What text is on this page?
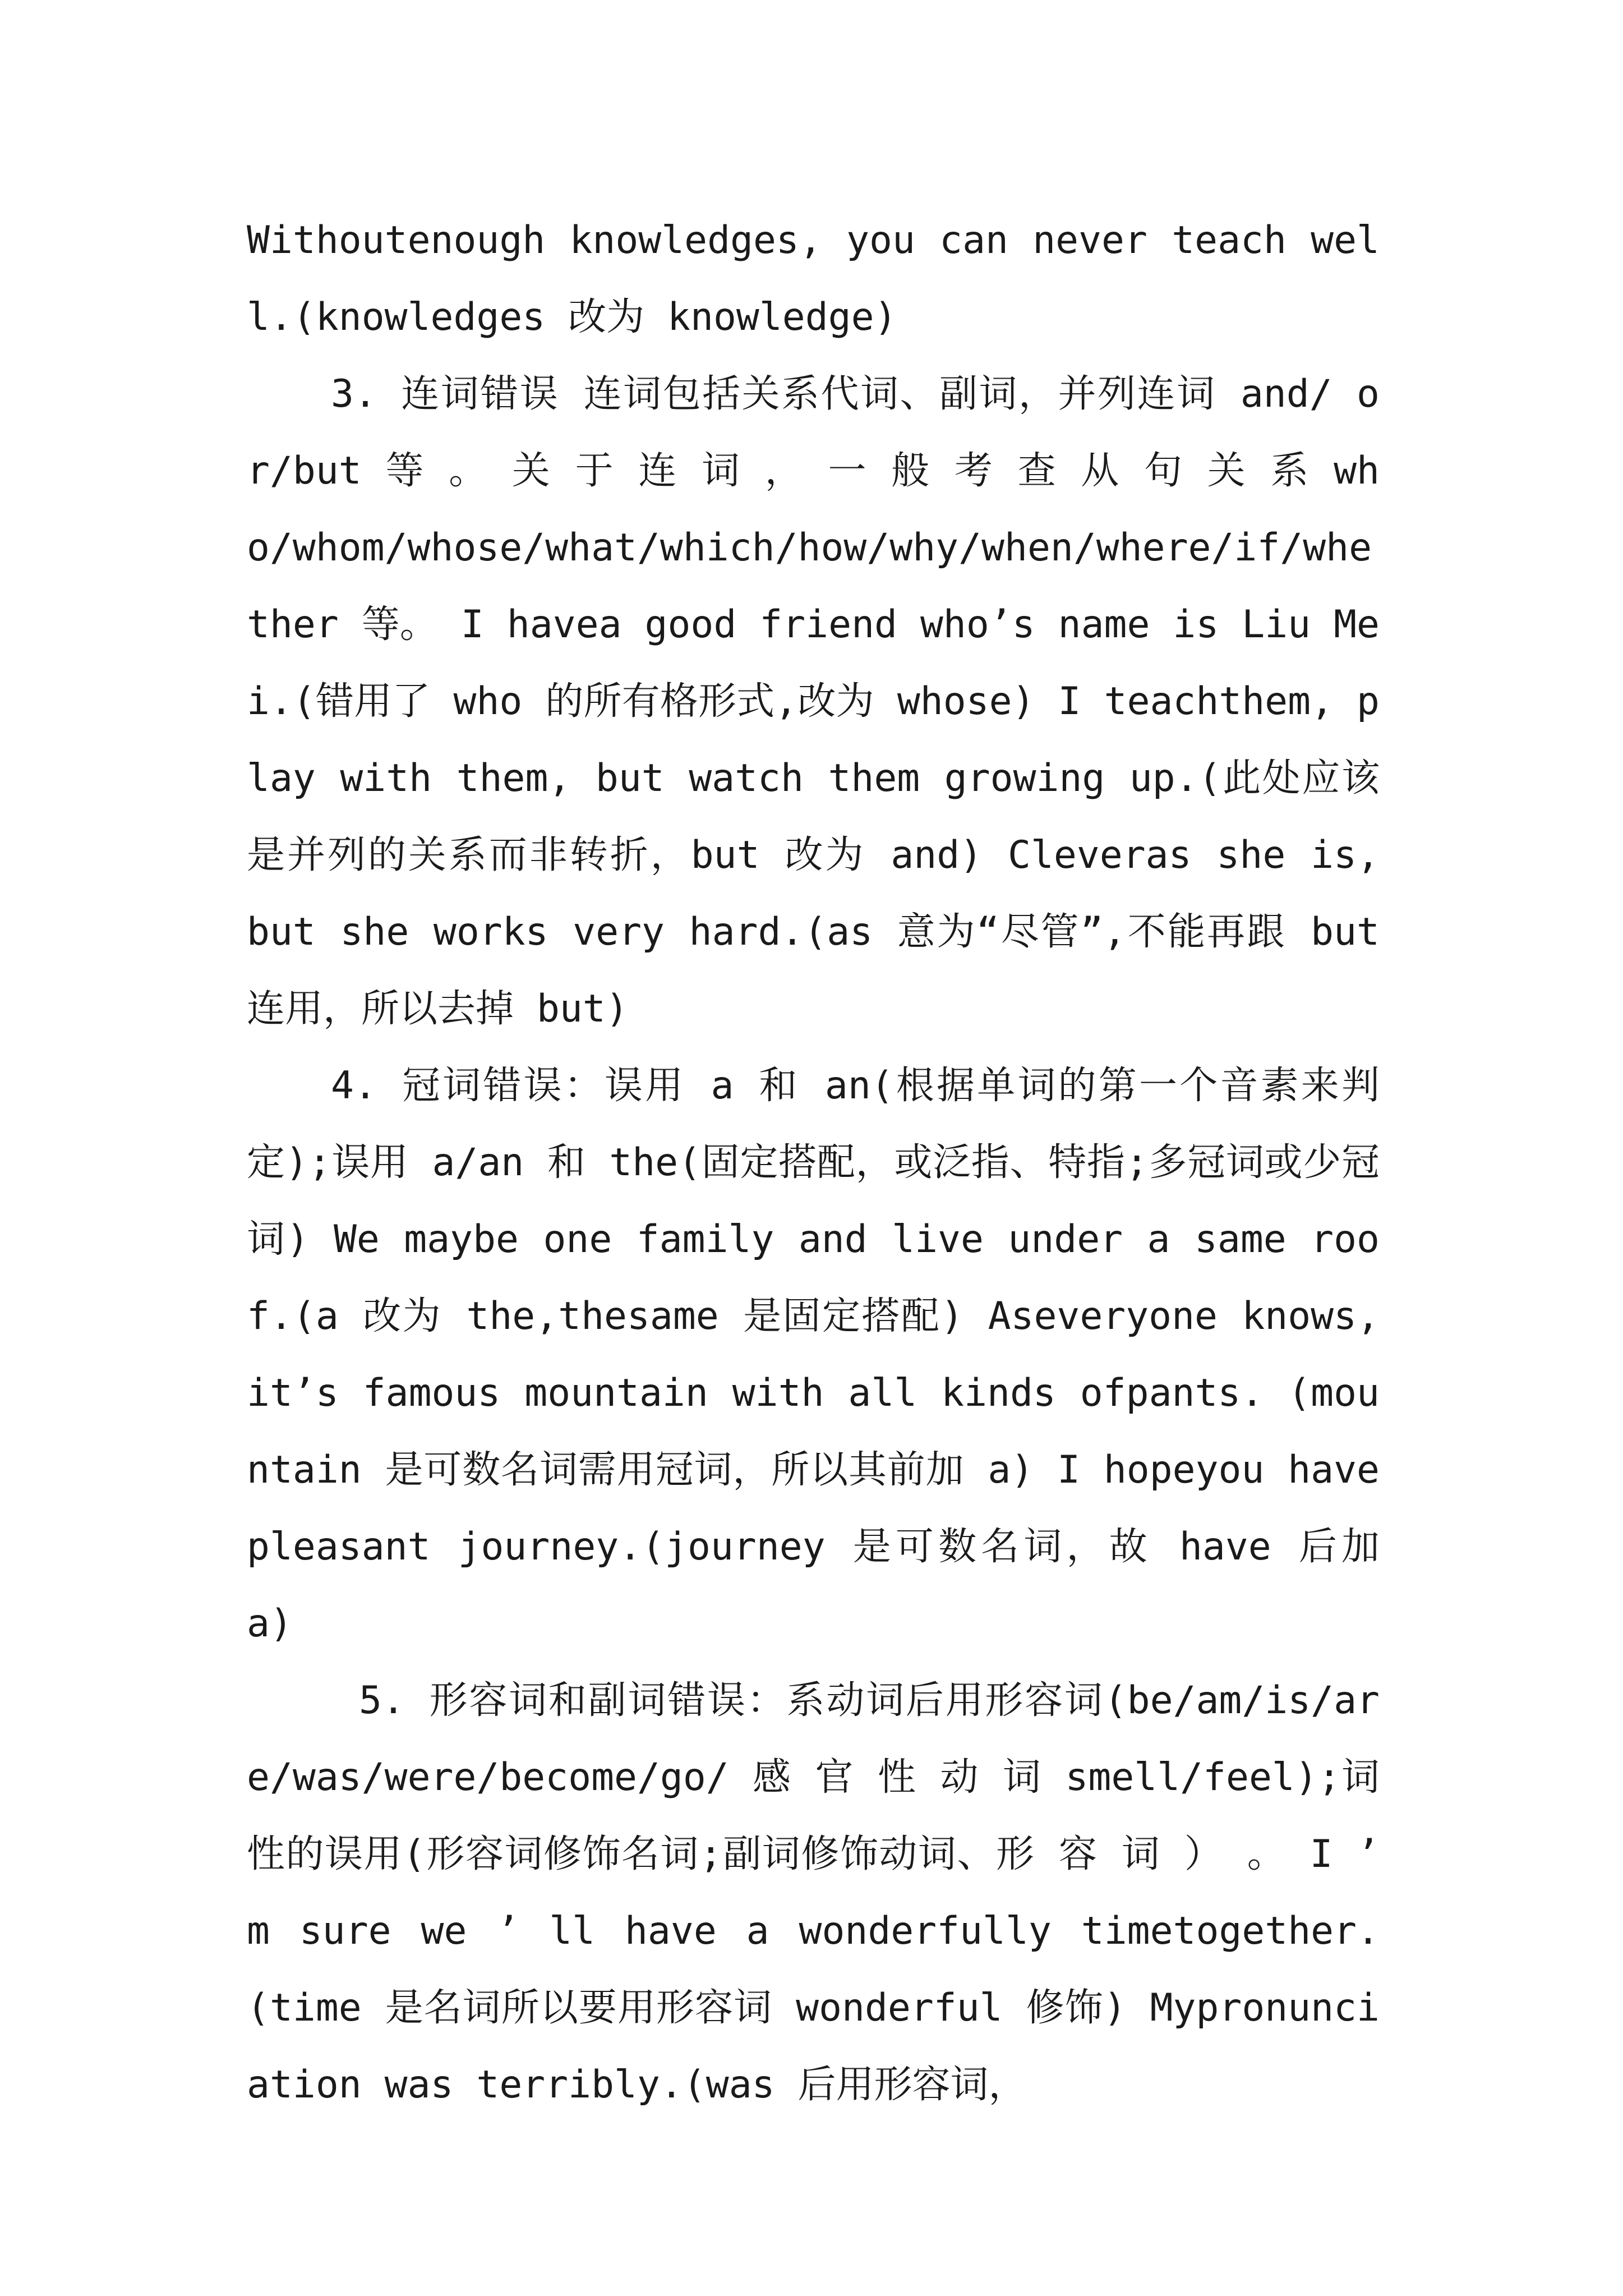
Withoutenough knowledges, you can never teach well.(knowledges 改为 knowledge)

3. 连词错误 连词包括关系代词、副词，并列连词 and/ or/but 等 。 关 于 连 词 ， 一 般 考 查 从 句 关 系 who/whom/whose/what/which/how/why/when/where/if/whether 等。 I havea good friend who’s name is Liu Mei.(错用了 who 的所有格形式,改为 whose) I teachthem, play with them, but watch them growing up.(此处应该是并列的关系而非转折，but 改为 and) Cleveras she is, but she works very hard.(as 意为“尽管”,不能再跟 but 连用，所以去掉 but)

4. 冠词错误：误用 a 和 an(根据单词的第一个音素来判定);误用 a/an 和 the(固定搭配，或泛指、特指;多冠词或少冠词) We maybe one family and live under a same roof.(a 改为 the,thesame 是固定搭配) Aseveryone knows, it’s famous mountain with all kinds ofpants. (mountain 是可数名词需用冠词，所以其前加 a) I hopeyou have pleasant journey.(journey 是可数名词，故 have 后加 a)

5. 形容词和副词错误：系动词后用形容词(be/am/is/are/was/were/become/go/ 感 官 性 动 词 smell/feel);词性的误用(形容词修饰名词;副词修饰动词、形 容 词 ） 。 I ’ m sure we ’ ll have a wonderfully timetogether. (time 是名词所以要用形容词 wonderful 修饰) Mypronunciation was terribly.(was 后用形容词，
